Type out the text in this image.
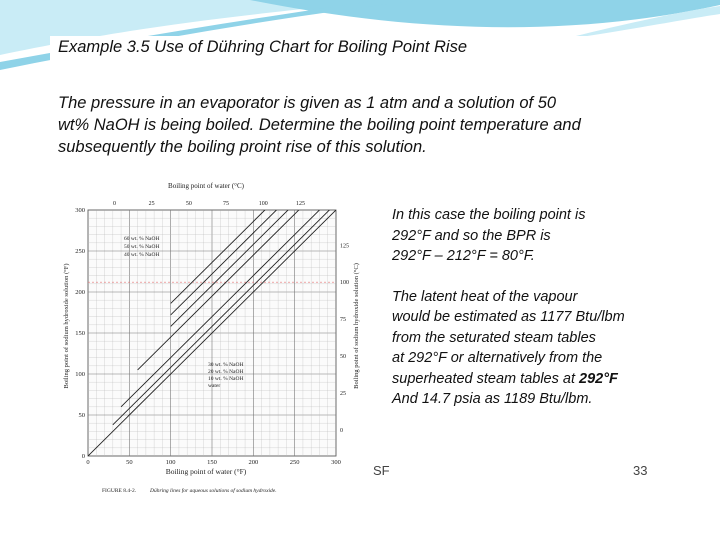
Example 3.5 Use of Dühring Chart for Boiling Point Rise
The pressure in an evaporator is given as 1 atm and a solution of 50
wt% NaOH is being boiled. Determine the boiling point temperature and
subsequently the boiling proint rise of this solution.
60 wt. % NaOH
50 wt. % NaOH
40 wt. % NaOH
30 wt. % NaOH
20 wt. % NaOH
10 wt. % NaOH
water
0	50	100	150	200	250	300
0
50
100
150
200
250
300
0	25	50	75	100	125
0
25
50
75
100
125
Boiling point of water (°C)
Boiling point of water (°F)
Boiling point of sodium hydroxide solution (°F)	Boiling point of sodium hydroxide solution (°C)
FIGURE 8.4-2.	Dühring lines for aqueous solutions of sodium hydroxide.

In this case the boiling point is

292°F and so the BPR is

292°F – 212°F = 80°F.

The latent heat of the vapour

would be estimated as 1177 Btu/lbm

from the seturated steam tables

at 292°F or alternatively from the

superheated steam tables at 292°F

And 14.7 psia as 1189 Btu/lbm.

SF	33
